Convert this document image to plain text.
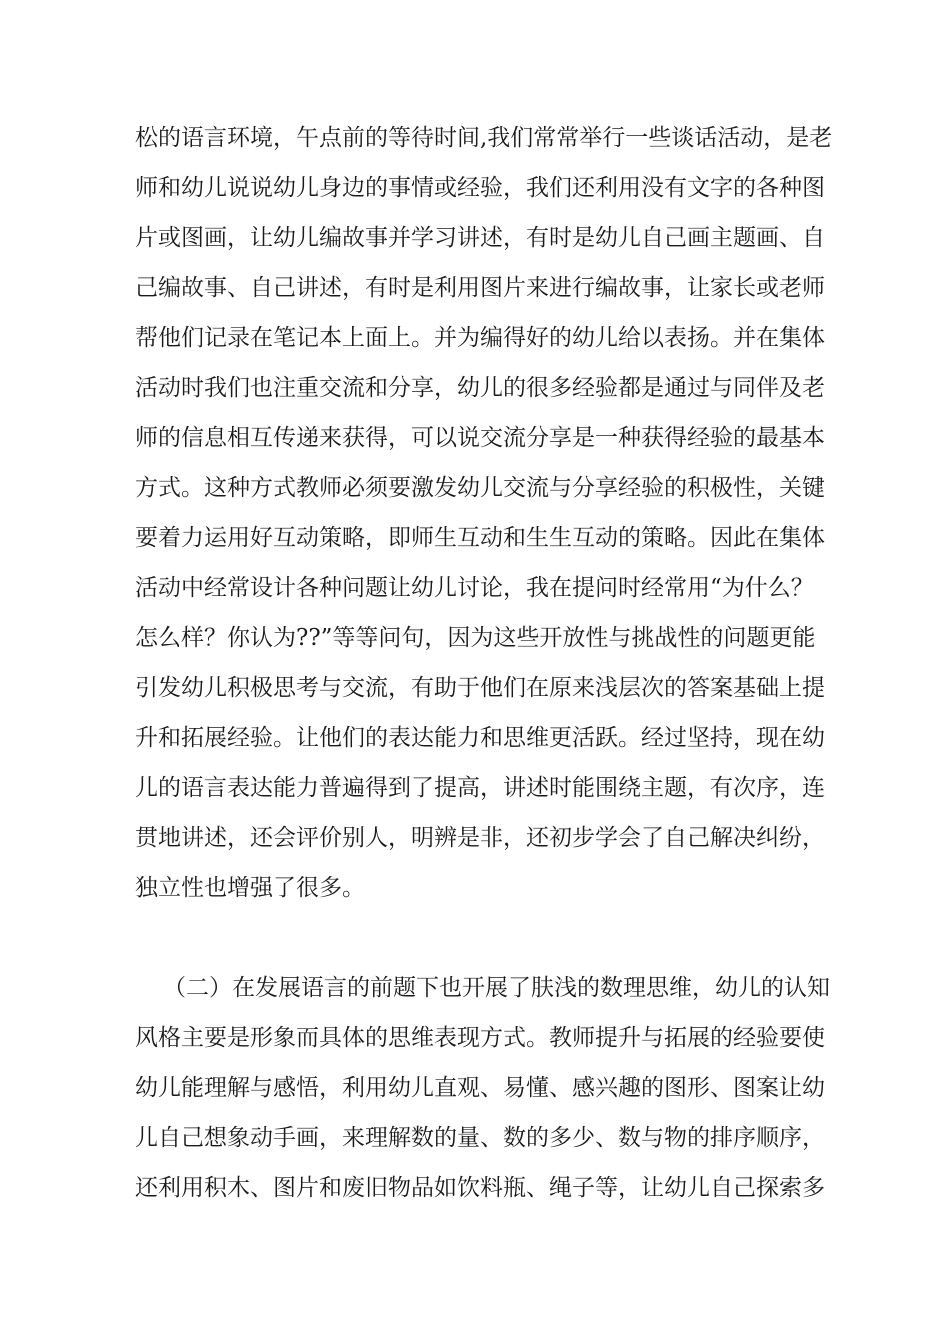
松的语言环境，午点前的等待时间,我们常常举行一些谈话活动，是老
师和幼儿说说幼儿身边的事情或经验，我们还利用没有文字的各种图
片或图画，让幼儿编故事并学习讲述，有时是幼儿自己画主题画、自
己编故事、自己讲述，有时是利用图片来进行编故事，让家长或老师
帮他们记录在笔记本上面上。并为编得好的幼儿给以表扬。并在集体
活动时我们也注重交流和分享，幼儿的很多经验都是通过与同伴及老
师的信息相互传递来获得，可以说交流分享是一种获得经验的最基本
方式。这种方式教师必须要激发幼儿交流与分享经验的积极性，关键
要着力运用好互动策略，即师生互动和生生互动的策略。因此在集体
活动中经常设计各种问题让幼儿讨论，我在提问时经常用“为什么？
怎么样？你认为??”等等问句，因为这些开放性与挑战性的问题更能
引发幼儿积极思考与交流，有助于他们在原来浅层次的答案基础上提
升和拓展经验。让他们的表达能力和思维更活跃。经过坚持，现在幼
儿的语言表达能力普遍得到了提高，讲述时能围绕主题，有次序，连
贯地讲述，还会评价别人，明辨是非，还初步学会了自己解决纠纷，
独立性也增强了很多。
（二）在发展语言的前题下也开展了肤浅的数理思维，幼儿的认知
风格主要是形象而具体的思维表现方式。教师提升与拓展的经验要使
幼儿能理解与感悟，利用幼儿直观、易懂、感兴趣的图形、图案让幼
儿自己想象动手画，来理解数的量、数的多少、数与物的排序顺序，
还利用积木、图片和废旧物品如饮料瓶、绳子等，让幼儿自己探索多
